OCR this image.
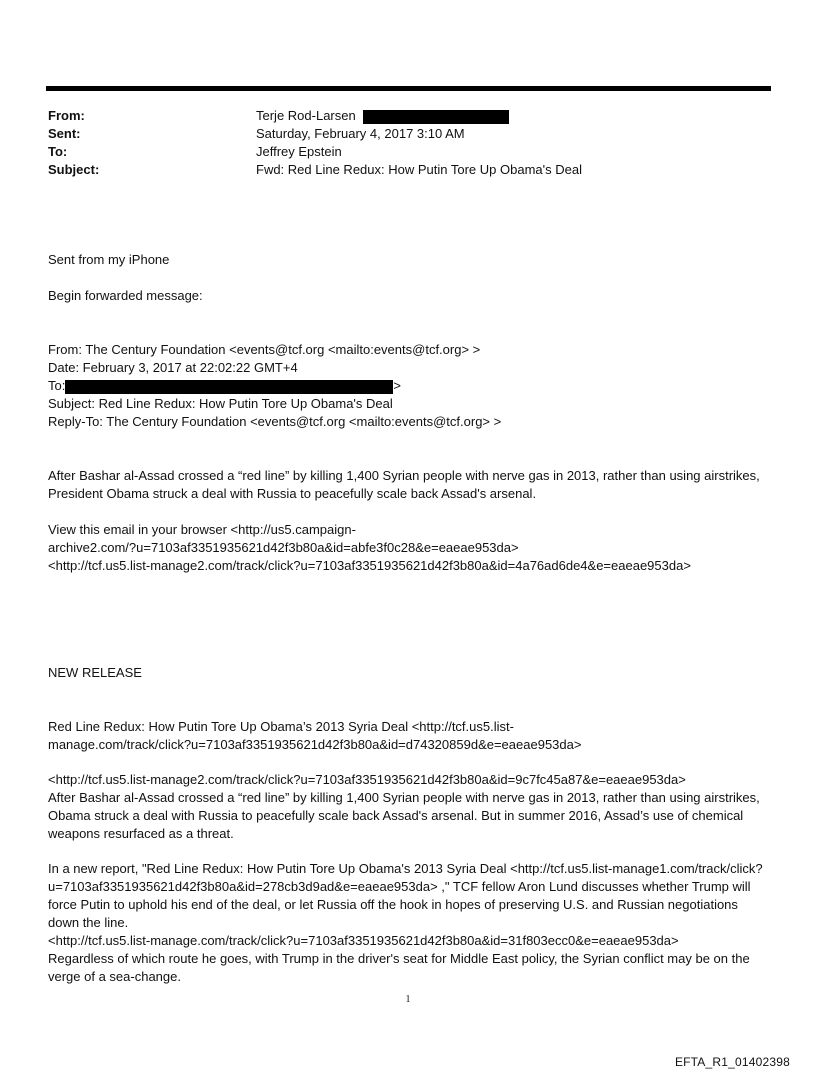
From:	Terje Rod-Larsen
Sent:	Saturday, February 4, 2017 3:10 AM
To:	Jeffrey Epstein
Subject:	Fwd: Red Line Redux: How Putin Tore Up Obama's Deal
Sent from my iPhone
Begin forwarded message:
From: The Century Foundation <events@tcf.org <mailto:events@tcf.org> >
Date: February 3, 2017 at 22:02:22 GMT+4
To:	>
Subject: Red Line Redux: How Putin Tore Up Obama's Deal
Reply-To: The Century Foundation <events@tcf.org <mailto:events@tcf.org> >
After Bashar al-Assad crossed a “red line” by killing 1,400 Syrian people with nerve gas in 2013, rather than using airstrikes, President Obama struck a deal with Russia to peacefully scale back Assad's arsenal.
View this email in your browser <http://us5.campaign-
archive2.com/?u=7103af3351935621d42f3b80a&id=abfe3f0c28&e=eaeae953da>
<http://tcf.us5.list-manage2.com/track/click?u=7103af3351935621d42f3b80a&id=4a76ad6de4&e=eaeae953da>
NEW RELEASE
Red Line Redux: How Putin Tore Up Obama’s 2013 Syria Deal <http://tcf.us5.list-
manage.com/track/click?u=7103af3351935621d42f3b80a&id=d74320859d&e=eaeae953da>
<http://tcf.us5.list-manage2.com/track/click?u=7103af3351935621d42f3b80a&id=9c7fc45a87&e=eaeae953da>
After Bashar al-Assad crossed a “red line” by killing 1,400 Syrian people with nerve gas in 2013, rather than using airstrikes, Obama struck a deal with Russia to peacefully scale back Assad's arsenal. But in summer 2016, Assad’s use of chemical weapons resurfaced as a threat.
In a new report, "Red Line Redux: How Putin Tore Up Obama's 2013 Syria Deal <http://tcf.us5.list-manage1.com/track/click?u=7103af3351935621d42f3b80a&id=278cb3d9ad&e=eaeae953da> ," TCF fellow Aron Lund discusses whether Trump will force Putin to uphold his end of the deal, or let Russia off the hook in hopes of preserving U.S. and Russian negotiations down the line.
<http://tcf.us5.list-manage.com/track/click?u=7103af3351935621d42f3b80a&id=31f803ecc0&e=eaeae953da>
Regardless of which route he goes, with Trump in the driver's seat for Middle East policy, the Syrian conflict may be on the verge of a sea-change.
1
EFTA_R1_01402398
